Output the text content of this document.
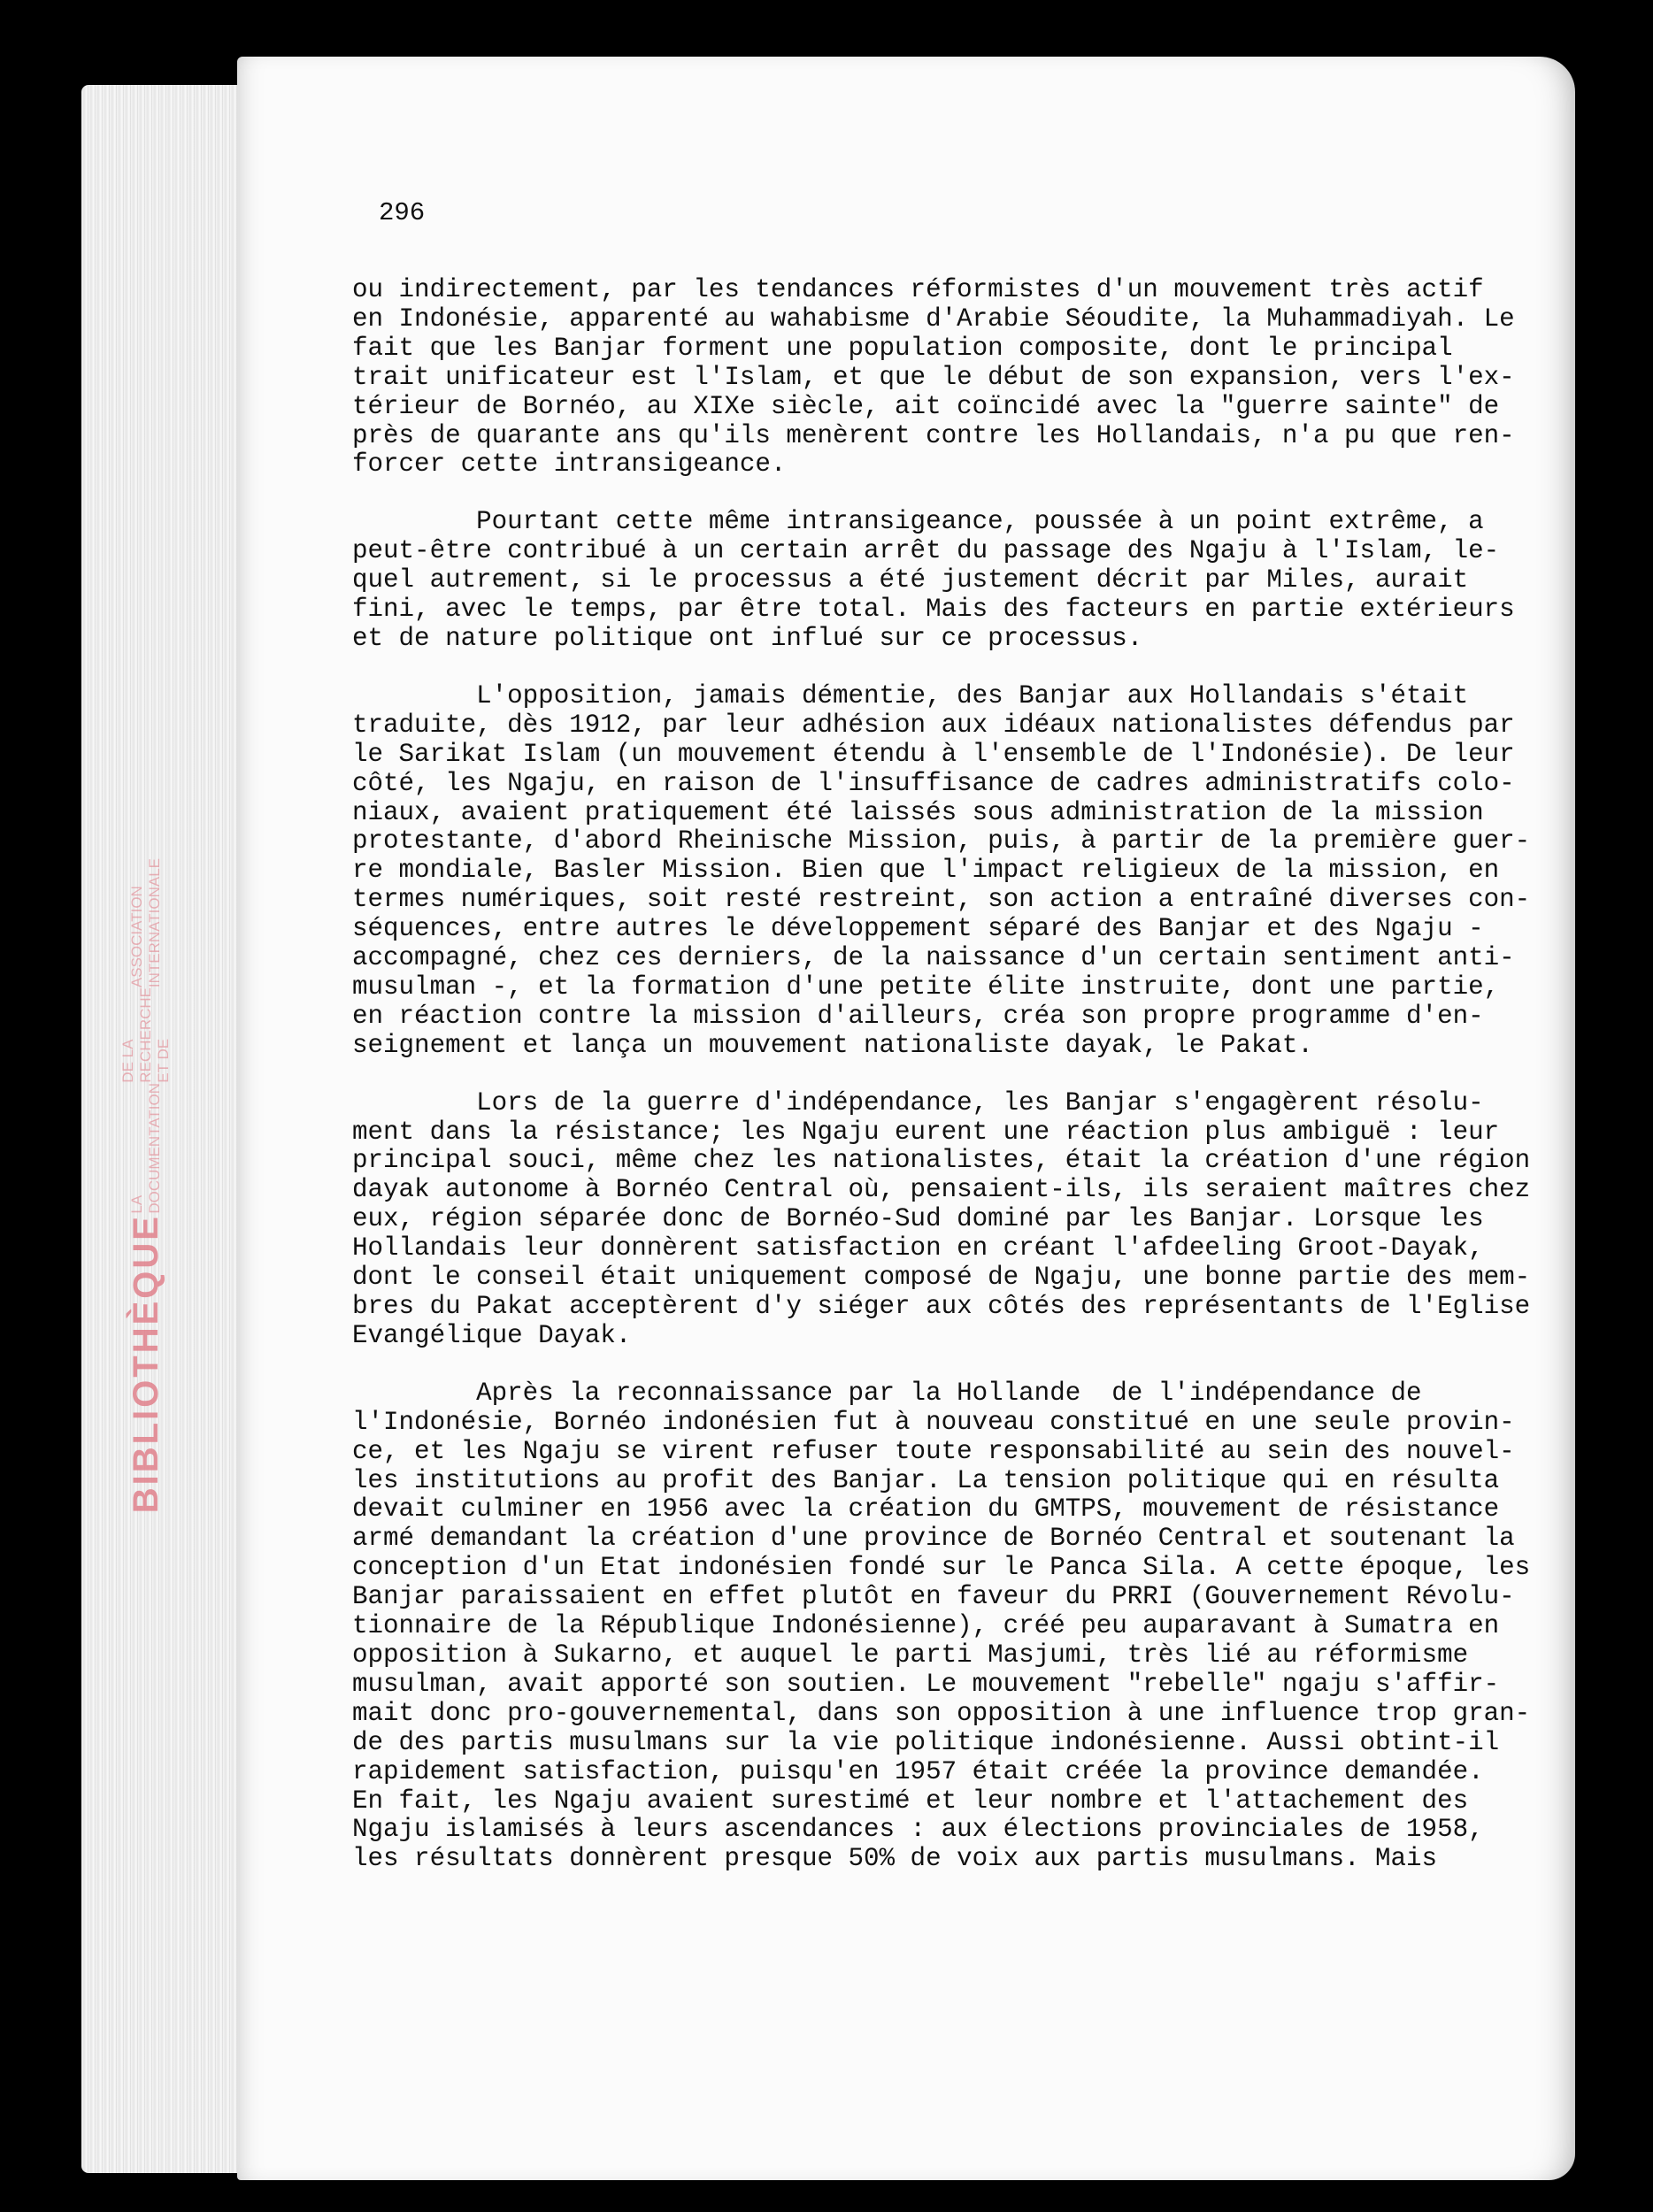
ASSOCIATION INTERNATIONALE
DE LA RECHERCHE ET DE
LA DOCUMENTATION
BIBLIOTHÈQUE
296

ou indirectement, par les tendances réformistes d'un mouvement très actif

en Indonésie, apparenté au wahabisme d'Arabie Séoudite, la Muhammadiyah. Le

fait que les Banjar forment une population composite, dont le principal

trait unificateur est l'Islam, et que le début de son expansion, vers l'ex-

térieur de Bornéo, au XIXe siècle, ait coïncidé avec la "guerre sainte" de

près de quarante ans qu'ils menèrent contre les Hollandais, n'a pu que ren-

forcer cette intransigeance.

Pourtant cette même intransigeance, poussée à un point extrême, a

peut-être contribué à un certain arrêt du passage des Ngaju à l'Islam, le-

quel autrement, si le processus a été justement décrit par Miles, aurait

fini, avec le temps, par être total. Mais des facteurs en partie extérieurs

et de nature politique ont influé sur ce processus.

L'opposition, jamais démentie, des Banjar aux Hollandais s'était

traduite, dès 1912, par leur adhésion aux idéaux nationalistes défendus par

le Sarikat Islam (un mouvement étendu à l'ensemble de l'Indonésie). De leur

côté, les Ngaju, en raison de l'insuffisance de cadres administratifs colo-

niaux, avaient pratiquement été laissés sous administration de la mission

protestante, d'abord Rheinische Mission, puis, à partir de la première guer-

re mondiale, Basler Mission. Bien que l'impact religieux de la mission, en

termes numériques, soit resté restreint, son action a entraîné diverses con-

séquences, entre autres le développement séparé des Banjar et des Ngaju -

accompagné, chez ces derniers, de la naissance d'un certain sentiment anti-

musulman -, et la formation d'une petite élite instruite, dont une partie,

en réaction contre la mission d'ailleurs, créa son propre programme d'en-

seignement et lança un mouvement nationaliste dayak, le Pakat.

Lors de la guerre d'indépendance, les Banjar s'engagèrent résolu-

ment dans la résistance; les Ngaju eurent une réaction plus ambiguë : leur

principal souci, même chez les nationalistes, était la création d'une région

dayak autonome à Bornéo Central où, pensaient-ils, ils seraient maîtres chez

eux, région séparée donc de Bornéo-Sud dominé par les Banjar. Lorsque les

Hollandais leur donnèrent satisfaction en créant l'afdeeling Groot-Dayak,

dont le conseil était uniquement composé de Ngaju, une bonne partie des mem-

bres du Pakat acceptèrent d'y siéger aux côtés des représentants de l'Eglise

Evangélique Dayak.

Après la reconnaissance par la Hollande  de l'indépendance de

l'Indonésie, Bornéo indonésien fut à nouveau constitué en une seule provin-

ce, et les Ngaju se virent refuser toute responsabilité au sein des nouvel-

les institutions au profit des Banjar. La tension politique qui en résulta

devait culminer en 1956 avec la création du GMTPS, mouvement de résistance

armé demandant la création d'une province de Bornéo Central et soutenant la

conception d'un Etat indonésien fondé sur le Panca Sila. A cette époque, les

Banjar paraissaient en effet plutôt en faveur du PRRI (Gouvernement Révolu-

tionnaire de la République Indonésienne), créé peu auparavant à Sumatra en

opposition à Sukarno, et auquel le parti Masjumi, très lié au réformisme

musulman, avait apporté son soutien. Le mouvement "rebelle" ngaju s'affir-

mait donc pro-gouvernemental, dans son opposition à une influence trop gran-

de des partis musulmans sur la vie politique indonésienne. Aussi obtint-il

rapidement satisfaction, puisqu'en 1957 était créée la province demandée.

En fait, les Ngaju avaient surestimé et leur nombre et l'attachement des

Ngaju islamisés à leurs ascendances : aux élections provinciales de 1958,

les résultats donnèrent presque 50% de voix aux partis musulmans. Mais
